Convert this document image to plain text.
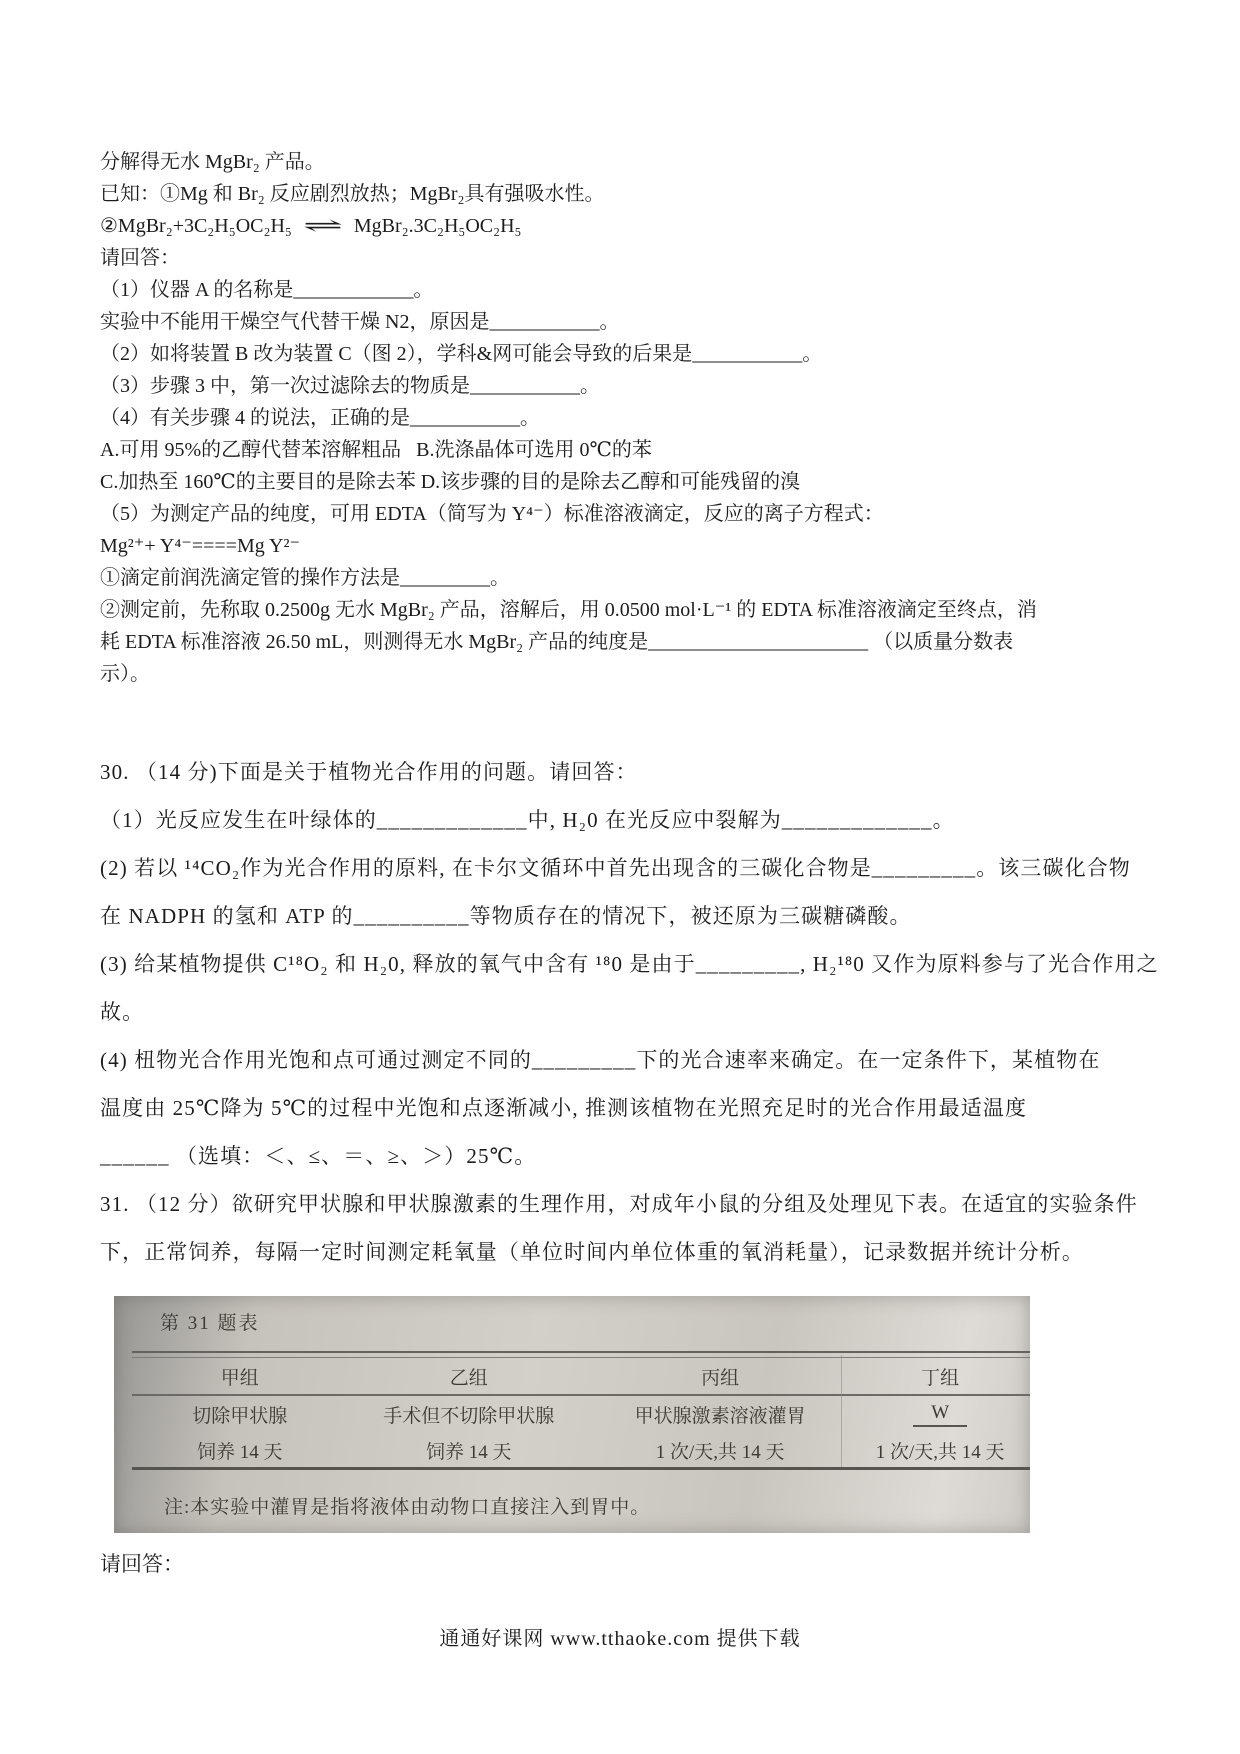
分解得无水 MgBr₂ 产品。
已知：①Mg 和 Br₂ 反应剧烈放热；MgBr₂具有强吸水性。
②MgBr₂+3C₂H₅OC₂H₅ ⇌ MgBr₂.3C₂H₅OC₂H₅
请回答：
（1）仪器 A 的名称是____________。
实验中不能用干燥空气代替干燥 N2，原因是___________。
（2）如将装置 B 改为装置 C（图 2），学科&网可能会导致的后果是___________。
（3）步骤 3 中，第一次过滤除去的物质是___________。
（4）有关步骤 4 的说法，正确的是___________。
A.可用 95%的乙醇代替苯溶解粗品   B.洗涤晶体可选用 0℃的苯
C.加热至 160℃的主要目的是除去苯 D.该步骤的目的是除去乙醇和可能残留的溴
（5）为测定产品的纯度，可用 EDTA（简写为 Y⁴⁻）标准溶液滴定，反应的离子方程式：
Mg²⁺+ Y⁴⁻====Mg Y²⁻
①滴定前润洗滴定管的操作方法是_________。
②测定前，先称取 0.2500g 无水 MgBr₂ 产品，溶解后，用 0.0500 mol·L⁻¹ 的 EDTA 标准溶液滴定至终点，消
耗 EDTA 标准溶液 26.50 mL，则测得无水 MgBr₂ 产品的纯度是______________________ （以质量分数表
示）。
30. （14 分)下面是关于植物光合作用的问题。请回答：
（1）光反应发生在叶绿体的_____________中, H₂0 在光反应中裂解为_____________。
(2) 若以 ¹⁴CO₂作为光合作用的原料, 在卡尔文循环中首先出现含的三碳化合物是_________。该三碳化合物
在 NADPH 的氢和 ATP 的__________等物质存在的情况下，被还原为三碳糖磷酸。
(3) 给某植物提供 C¹⁸O₂ 和 H₂0, 释放的氧气中含有 ¹⁸0 是由于_________, H₂¹⁸0 又作为原料参与了光合作用之
故。
(4) 杻物光合作用光饱和点可通过测定不同的_________下的光合速率来确定。在一定条件下，某植物在
温度由 25℃降为 5℃的过程中光饱和点逐渐减小, 推测该植物在光照充足时的光合作用最适温度
______ （选填：＜、≤、＝、≥、＞）25℃。
31. （12 分）欲研究甲状腺和甲状腺激素的生理作用，对成年小鼠的分组及处理见下表。在适宜的实验条件
下，正常饲养，每隔一定时间测定耗氧量（单位时间内单位体重的氧消耗量），记录数据并统计分析。
第 31 题表
甲组	乙组	丙组	丁组
切除甲状腺	手术但不切除甲状腺	甲状腺激素溶液灌胃	W
饲养 14 天	饲养 14 天	1 次/天,共 14 天	1 次/天,共 14 天
注:本实验中灌胃是指将液体由动物口直接注入到胃中。
请回答：
通通好课网 www.tthaoke.com 提供下载
